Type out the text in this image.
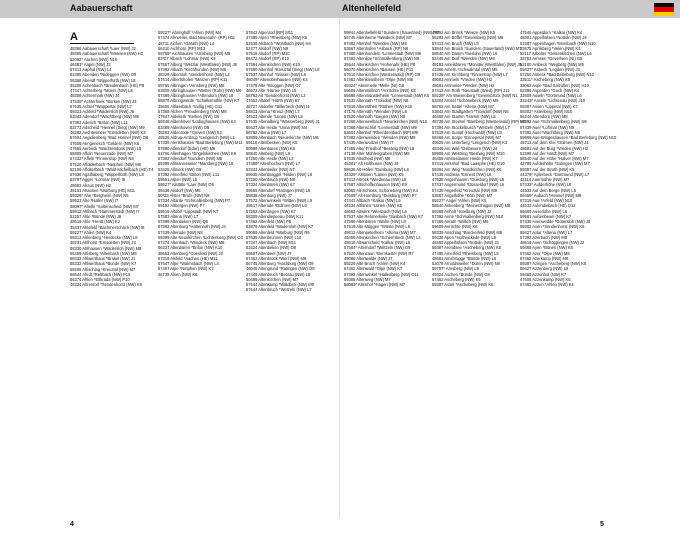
Aabauerschaft	Altenhellefeld
A

48366 Aabauerschaft *Laer (NW) J2

48465 Aabauerschaft *Metelen (NW) H2

52062* Aachen (NW) N10

46483* Aapel (NW) J3

57413 Aaphol (NW) L4

52385 Abenden *Nideggen (NW) O9

56368 Abendt *Wipperfürth (NW) L8

35206 Achenbach *Breidenbach (HE) P8

47447 Achterberg *Moers (NW) L6

48308 Achtermark (NW) J4

47539* Achterhoek *Borken (NW) J3

57635 Achter *Wuppertal (NW) L7

59323 Ackfeld *Wadersloh (NW) J6

53343 Adendorf *Wachtberg (NW) M8

57392 Aderich *Brilon (NW) L11

53773 Adscheid *Hennef (Sieg) (NW) M9

48282 Aechtesmeer *Emsdetten (NW) K3

57604 Aegidienberg *Bad Honnef (NW) O8

47608 Aengenesch *Geldern (NW) K6

47665 Aerbeck *Wachtendonk (NW) L5

58809 Affeln *Neuenrade (NW) M7

57432* Affeln *Finnentrop (NW) N8

57520 Affolderbach *Netphen (NW) M6

52159 Affolterbach *Wald-Michelbach (HE) T4

57638 Agathaberg *Wipperfürth (NW) L8

53797 Agger *Lohmar (NW) I9

48683 Ahaus (NW) H2

39161 Ahausen *Warburg (HE) M11

59326* Ahe *Bergheim (NW) N5

59523 Ahe *Haller (NW) I7

58097* Ahelle *Soltenscheid (NW) M7

59812 Ahlbach *Hammerstedt (NW) I7

52257 Ahle *Bünde (NW) J8

48619 Ahle *Herdt (NW) K2

35437 Ahlefeld *Bachmerschach (NW) I8

59227* Ahlen (NW) K4

58313 Ahlenberg *Herdecke (NW) L8

48231 Ahlhorst *Emsdetten (NW) J3

58330 Ahlhausen *Wadersloh (NW) M8

56459 Ahlsberg *Allenbach (NW) M8

58332 Ahlwerthaus *Brakel (NW) J1

58332 Ahlwerthaus *Bünde (NW) K7

59269 Ahlschlag *Kreuztal (NW) M7

56644 Ahrdt *Rehbach (NW) P10

56374 Ahlen *Eltkrada (NW) P10

48324 Ahrentorf *Sendenhorst (NW) K5

59227* Ahringhoff *Ahlen (NW) M4

57474 Ahrweiler, Bad Neuenahr- (RP) H11

48711 Aichen *Garath (NW) L4

56410 Aichhorn (RP) M13

59759* Aichhausen *Arnsberg (NW) M9

53*07 Albach *Lohmar (NW) K9

57567 Alberg *Wetzlar (Westfalen) (NW) J8

57392 Albach *Kirchhunden (NW) M8

48329 Albersloh *Sendenhorst (NW) L2

57614 Albertshofen *Marzen (RP) K11

59755 Albringen *Arnsberg (NW) M6

53809 Albringhausen *Wetter (Ruhr) (NW) M6

57489 Albringhausen *Attendorn (NW) L8

58879 Albringwerde *Schalksmühle (NW) K7

35606 Altlassbach *Sollig (HE) O11

57368 Alchen *Freudenberg (NW) M8

47647 Aldekerk *Kerken (NW) O6

59348 Aldenhövel *Lüdinghausen (NW) K4

53489 Aldenhoven (NW) O8

48282 Aldenrode *Greven (NW) K2

49525 Aldrup-Ambrup *Lengerich (NW) L1

57339 Alertshausen *Bad Berleburg (NW) M11

57580 Allendorf (Eder) (HE) M6

51766 Allenhagen *Engelskirchen (NW) K9

57392 Allendorf *Sundern (NW) M6

59399 Allmannsweier *Marsberg (NW) L8

53426 Allmerk (NW) O9

57392 Almerfeld *Brilon (NW) L11

59551 Alpen (NW) L5

59527* Alstätte *Laer (NW) O9

59439 Alsdorf (NW) M8

50*33 Alster *Bruhl (NW) N8

57334 Altarde *Schmallenberg (NW) P7

59192 Altbergen (NW) P7

59519 Altdorf *Lippstadt (NW) K7

57583 Altena (NW) L7

57399 Altenbeken (NW) Q5

57392 Altenburg *Hattenroth (NW) J4

57439 Alterode (NW) N8

59399 Alte Neunkirchen *Lichtenberg (NW) O3

57474 Altenbach *Windeck (NW) M8

56337 Altenbüren *Brilon (NW) K10

48653 Altenberg *Coesfeld (NW) J3

57319 Alsfeld *Aachen (HE) M11

57647 Alpe *Walmsbach (NW) L4

57467 Alpe *Netphen (NW) K7

46739 Alsen (NW) K8

57642 Alpenrod (RP) M11

47495 Alpen *Rheinberg (NW) K5

52538 Alsbach *Wohlbach (NW) H4

52477 Alsdorf (NW) N9

57518 Alsdorf (RP) M10

56472 Alsdorf (RP) K10

57584 Altenkirchen (NW) K10

57580 Altenhof *Kreuztal (Sieg) (NW) L8

57537 Altenhof *Wissen (NW) L8

46049* Altenoberhausen (NW) K4

47475 Alte *Bruggen (NW) O7

46572 Alte *Hünxe (NW) L5

58762 Alt *Sendenhorst (NW) L3

47652 Altdorf *Hürth (NW) K7

48727 Altdorfer *Billerbeck (NW) I4

58813 Altena *Kreuz (NW) L7

44523 Altende *Lünen (NW) L5

57635 Altenalberg *Wasserberg (NW) J1

59427 Alte Heide *Unna (NW) M4

58762 Altena (NW) L7

53909 Altenbach *Neuerkirche (NW) M6

59118 Altenbecken (NW) K8

50999 Altenbüren (NW) K8

58840 Alteberg (NW) L8

57250 Alte Heide (NW) L3

47489* Altenhochum (NW) L7

53343 Altenbeiler (NW) N7

59935 Altenbraggel *Hilden (NW) L8

57250 Altenbruch (NW) N8

57334 Altenbüren (NW) K7

59555 Altendorf *Ratingen (NW) L6

58838 Altenburg (NW) J7

57572 Altenwinkeln *Witten (NW) L9

48617 Alterode *Dülmen (NW) L6

57252 Alterdingen (NW) K7

58309 Altendiepenau (NW) K11

57462 Altenfeld (NW) P8

53879 Altenfeld *Wadersloh (NW) K7

59069 Altenfeld *Warburg (NW) R9

57635 Altenbrunnen (NW) L10

57347 Altenbach (NW) M11

53424 Altenbeken (NW) O8

59597 Altenbeel (NW) J7

57462 Altenbrock *Werl (NW) M9

56745 Altenburg *Hachburg (NW) O9

46045 Altengrund *Ratingen (NW) O9

47449 Altenbruch *Bebrau (NW) L6

50499 Altenkirchen (NW) M7

57644 Altenkamp *Waldbröl (NW) M9

57644 Altenbruch *Wetzeln (NW) L7

59844 Altenhellefeld *Sundern (Sauerland) (NW) M7

56745 Altenherne *Windeck (NW) M7

57482 Altenhof *Wenden (NW) M8

53567 Altenhofen *Asbach (RP) N9

57368 Altenhundem *Lennestadt (NW) M9

57392 Altenilpe *Schmallenberg (NW) N9

35644 Altenkirchen *Hohenahr (HE) P8

56070 Altenkirchen *Bausen (HE) P11

57610 Altenkirchen (Westerwald) (RP) O9

57462 Altenkleusheim *Olpe (NW) M8

49324* Altenmelle *Melle (NI) G8

59609 Altenmellrich *Anröchte (NW) K8

55688 Altenmünsterheim *Lennestadt (NW) K5

57632 Altenrath *Troisdorf (NW) N8

57518 Altenrüthen *Rüthen (NW) K10

47178 Altenrath *Wenden (NW) L8

57520 Altenroth *Siegen (NW) N9

57268 Altenseelbach *Neunkirchen (NW) N10

57368 Altenschlirf *Lennestadt (NW) M9

53604 Altenhof *Rheinbreitbach (RP) M9

57482 Altenwenden *Wenden (NW) M9

57439 Altenwoitzel (NW) I7

47455 Alter Friedhof *Bestwig (NW) L8

47138 Alter Mühlengraben (NW) M8

57635 Altscheid (NW) M8

45301* Alt Holthusen (NW) J9

58636 Alt-Höfen *Duisburg (NW) L6

44329* Altlünen *Lünen (NW) K5

57413 Altrock *Wiedenau (NW) L6

57587 Altschoffenhausen (NW) K9

52065 Alt-Schloss, Schöneberg (NW) K4

47608* Alt-Homburg *Duisburg (NW) P7

47441 Altbach *Kalkar (NW) L5

44534 Altlünen *Lünen (NW) K5

48683 Altwerk *Wiesbach (NW) L6

57537 Alte Rehmerkeile *Sasbach (NW) K7

47599 Altenbüren *Wahn (NW) L8

57518 Alte Müggen *Wüste (NW) L8

48612 Altenpeterheim *Altena (NW) M7

46459 Altenkirchen *Schermbeck (NW) L4

48619 Altwarscheid *Kalkar (NW) L5

57584* Alterndorf *Wetzeln (NW) O9

57520 Altenzaun *Bernkastel (NW) R7

49086 Altenwalde (NW) J7

59229 Alte Bruch *Ahlen (NW) K4

57462 Altenwald *Olpe (NW) K7

57392 Altenwinkel *Hallenberg (NW) O11

59368 Altenweg (NW) M7

58089* Altenhof *Hagen (NW) M7

47652 Am Brinck *Weeze (NW) K5

56283 Am Böffel *Gevelsberg (NW) M6

57413 Am Bruch (NW) L5

53844 Am Broich *Sundern (Sauerland) (NW) M7

58640 Am Damm *Iserlohn (NW) L6

52445 Am Dorf *Wenden (NW) M8

48183 Amelsbüren *Münster (Westfalen) (NW) J5

41366 Amern *Schwalmtal (NW) M5

57439 Am Kirchberg *Finnentrop (NW) L7

48683 Ammeln *Vreden (NW) H2

48691 Ammeloe *Vreden (NW) H2

57413 Am Roth *Neustadt (Wied) (RP) J11

59229* Am Wiesenberg *Gevelsbrück (NW) N1

53404 Amsel *Schönebeck (NW) M9

58762 Am Sattel *Altena (NW) M7

53842 Am Stadtgarten *Troisdorf (NW) N8

46459 Am Stamm *Hamm (NW) L5

48739 Am Steimel *Bamberg (Westerwald) (RP) H8

57394 Am Stockelbusch *Wetzeln (NW) L7

57519 Am Sumpf (Hochwald) (NW) L8

58469 Am Sorpe *Ennepetal (NW) M7

49525 Am Unterberg *Lengerich (NW) K3

48346 Am Wall *Ostbevern (NW) J4

59909 Am Westring *Bestwig (NW) M10

46459 Amsterdamer Heide (NW) K7

57319 Amtshof *Bad Laasphe (HE) O10

59394 Am Weg *Nordkirchen (NW) K5

57439 Andreas *Ennest (NW) L8

47638 Angerhausen *Duisburg (NW) L6

57437 Angermund *Düsseldorf (NW) L6

57439 Angerfeld *Kreuztal (NW) M9

53567 Angelhöhe *Köln (NW) M7

59227* Angel *Ahlen (NW) K5

58540 Ankenberg *Meinerzhagen (NW) M8

59368 Anholt *Isselburg (NW) J2

57392 Anne *Schmallenberg (NW) N10

57489 Anrath *Willich (NW) M6

59609 Anröchte (NW) K8

58339 Anschlag *Breckerfeld (NW) M8

59439 Apen *Holzwickede (NW) L9

48493 Appelhülsen *Nottuln (NW) J3

59387 Arendsee *Ascheberg (NW) K5

47495 Amerfeld *Rheinberg (NW) L5

48653 Amsbrügge *Bünde (NW) L6

52078 Arnoldsweiler *Düren (NW) N9

59757* Arnsberg (NW) L9

49324 Aschen *Bünde (NW) G8

57462 Ascheberg (NW) K5

59387 Assel *Ascheberg (NW) K5

47546 Appeldorn *Kalkar (NW) K4

48301 Appelhülsen *Nottuln (NW) J4

51597 Appenhagen *Morsbach (NW) N10

33675 Aprilsberg *Velen (NW) K4

52117 Arbeiter *Gelsenkirchen (NW) L6

33753 Armsen *Geverlsen (NI) G8

52100 Arsbeck *Wegberg (NW) M5

59427* Asbeck *Legden (NW) J3

57250 Asbeck *Bad Berleburg (NW) N10

33511* Ascheberg (NW) K5

33062 Aspe *Bad Salzuflen (NW) H10

52395 Asperden *Goch (NW) K4

32609 Asseln *Dortmund (NW) L6

33243* Asseln *Lichtenau (NW) J10

59387 Assen *Lippetal (NW) K7

59302* Astenberg (NW) M10

56244 Attendorn (NW) M8

57392 Aue *Schmallenberg (NW) N9

57439 Auel *Lohmar (NW) N9

57392 Auel *Wachtberg (NW) N8

59969 Aue-Wingeshausen *Bad Berleburg (NW) N10

48713 Auf dem Klei *Dülmen (NW) J4

48691 Auf der Burg *Vreden (NW) H2

51598 Auf der Hardt (NW) M7

58540 Auf der Höhe *Halver (NW) M7

42799 Aufderhöhe *Solingen (NW) M7

59387 Auf der Stroth (NW) K5

44379* Aplerbeck *Dortmund (NW) L7

42114 Auermühle (NW) M7

57432* Aufderhöhe (NW) L8

44533 Auf dem Berge (NW) L5

56459* Aubach *Hennef (NW) M9

57319 Aue *Arfeld (NW) N10

44533 Aulendiebach (HE) O12

59469 Auserlohe (NW) L6

59581 Außenbeuel (NW) K7

57439 Avenwedde *Gütersloh (NW) J8

59302 Axen *Sendenhorst (NW) K5

59427 Axlar *Altena (NW) L7

57392 Azerbach (NW) M9

48619 Aven *Schöppingen (NW) J2

59469 Ayen *Bönen (NW) K6

57462 Azer *Olpe (NW) M8

57462 Azerkamp (NW) M8

59387 Azingen *Ascheberg (NW) K5

59427 Azzenberg (NW) L9

59469 Azzenhof (NW) K7

47608 Azzenkamp (NW) K6

57462 Azzen *Ahlen (NW) K4

4	5
